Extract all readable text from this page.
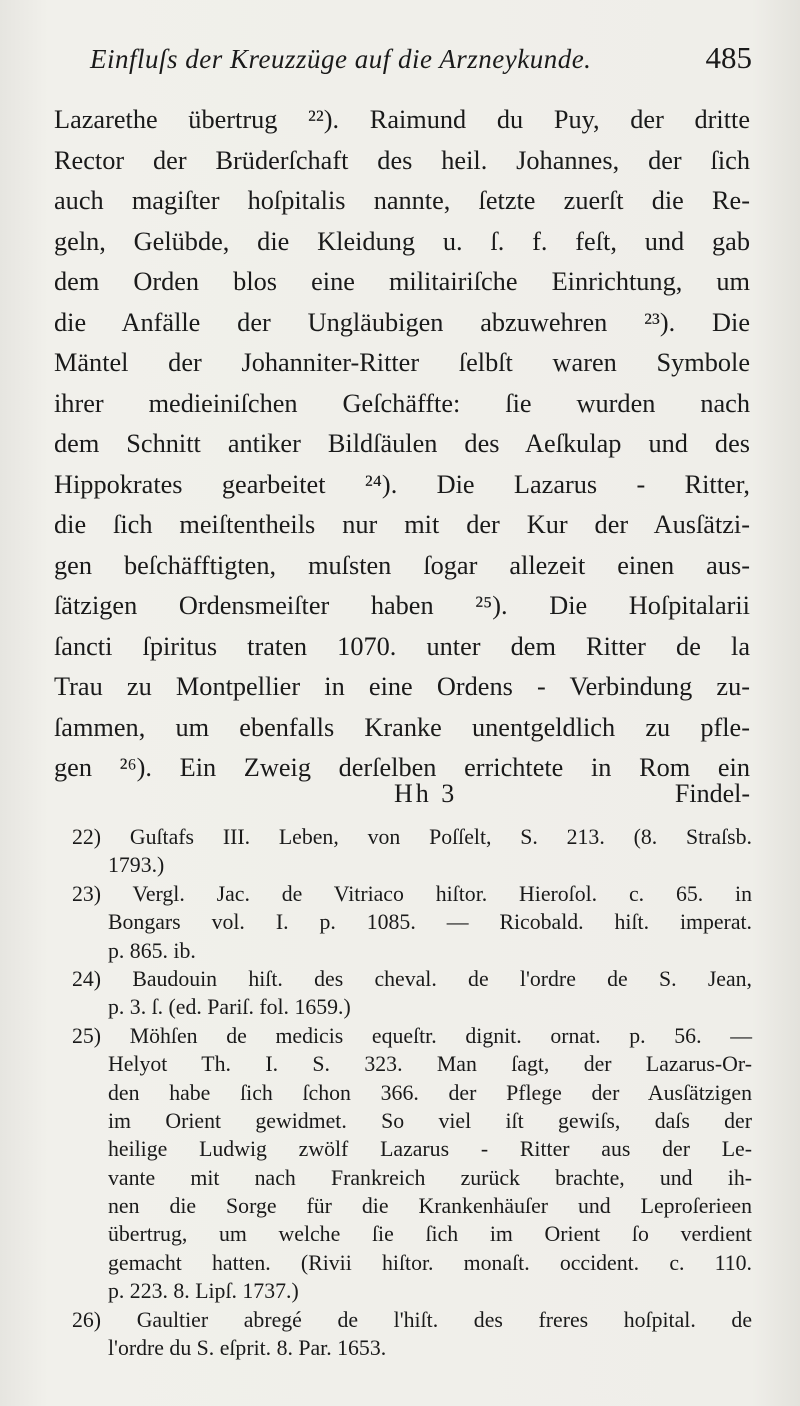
Einfluſs der Kreuzzüge auf die Arzneykunde.	485
Lazarethe übertrug ²²). Raimund du Puy, der dritte
Rector der Brüderſchaft des heil. Johannes, der ſich
auch magiſter hoſpitalis nannte, ſetzte zuerſt die Re-
geln, Gelübde, die Kleidung u. ſ. f. feſt, und gab
dem Orden blos eine militairiſche Einrichtung, um
die Anfälle der Ungläubigen abzuwehren ²³). Die
Mäntel der Johanniter-Ritter ſelbſt waren Symbole
ihrer medieiniſchen Geſchäffte: ſie wurden nach
dem Schnitt antiker Bildſäulen des Aeſkulap und des
Hippokrates gearbeitet ²⁴). Die Lazarus - Ritter,
die ſich meiſtentheils nur mit der Kur der Ausſätzi-
gen beſchäfftigten, muſsten ſogar allezeit einen aus-
ſätzigen Ordensmeiſter haben ²⁵). Die Hoſpitalarii
ſancti ſpiritus traten 1070. unter dem Ritter de la
Trau zu Montpellier in eine Ordens - Verbindung zu-
ſammen, um ebenfalls Kranke unentgeldlich zu pfle-
gen ²⁶). Ein Zweig derſelben errichtete in Rom ein
Hh 3	Findel-
22) Guſtafs III. Leben, von Poſſelt, S. 213. (8. Straſsb.
1793.)
23) Vergl. Jac. de Vitriaco hiſtor. Hieroſol. c. 65. in
Bongars vol. I. p. 1085. — Ricobald. hiſt. imperat.
p. 865. ib.
24) Baudouin hiſt. des cheval. de l'ordre de S. Jean,
p. 3. ſ. (ed. Pariſ. fol. 1659.)
25) Möhſen de medicis equeſtr. dignit. ornat. p. 56. —
Helyot Th. I. S. 323. Man ſagt, der Lazarus-Or-
den habe ſich ſchon 366. der Pflege der Ausſätzigen
im Orient gewidmet. So viel iſt gewiſs, daſs der
heilige Ludwig zwölf Lazarus - Ritter aus der Le-
vante mit nach Frankreich zurück brachte, und ih-
nen die Sorge für die Krankenhäuſer und Leproſerieen
übertrug, um welche ſie ſich im Orient ſo verdient
gemacht hatten. (Rivii hiſtor. monaſt. occident. c. 110.
p. 223. 8. Lipſ. 1737.)
26) Gaultier abregé de l'hiſt. des freres hoſpital. de
l'ordre du S. eſprit. 8. Par. 1653.
